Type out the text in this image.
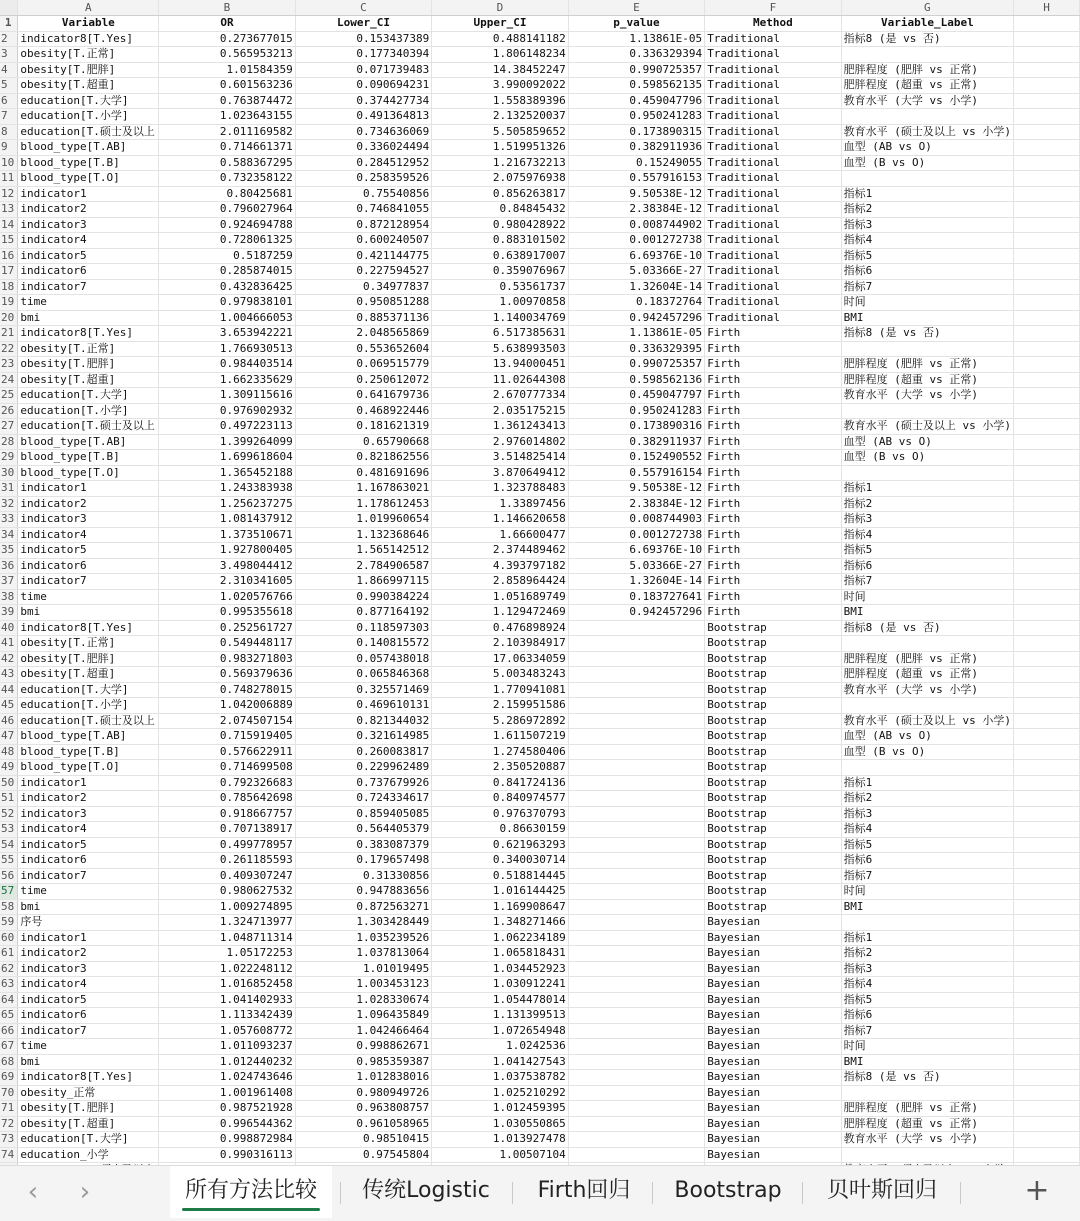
	A	B	C	D	E	F	G	H
1	Variable	OR	Lower_CI	Upper_CI	p_value	Method	Variable_Label	
2	indicator8[T.Yes]	0.273677015	0.153437389	0.488141182	1.13861E-05	Traditional	指标8 (是 vs 否)	
3	obesity[T.正常]	0.565953213	0.177340394	1.806148234	0.336329394	Traditional		
4	obesity[T.肥胖]	1.01584359	0.071739483	14.38452247	0.990725357	Traditional	肥胖程度 (肥胖 vs 正常)	
5	obesity[T.超重]	0.601563236	0.090694231	3.990092022	0.598562135	Traditional	肥胖程度 (超重 vs 正常)	
6	education[T.大学]	0.763874472	0.374427734	1.558389396	0.459047796	Traditional	教育水平 (大学 vs 小学)	
7	education[T.小学]	1.023643155	0.491364813	2.132520037	0.950241283	Traditional		
8	education[T.硕士及以上	2.011169582	0.734636069	5.505859652	0.173890315	Traditional	教育水平 (硕士及以上 vs 小学)	
9	blood_type[T.AB]	0.714661371	0.336024494	1.519951326	0.382911936	Traditional	血型 (AB vs O)	
10	blood_type[T.B]	0.588367295	0.284512952	1.216732213	0.15249055	Traditional	血型 (B vs O)	
11	blood_type[T.O]	0.732358122	0.258359526	2.075976938	0.557916153	Traditional		
12	indicator1	0.80425681	0.75540856	0.856263817	9.50538E-12	Traditional	指标1	
13	indicator2	0.796027964	0.746841055	0.84845432	2.38384E-12	Traditional	指标2	
14	indicator3	0.924694788	0.872128954	0.980428922	0.008744902	Traditional	指标3	
15	indicator4	0.728061325	0.600240507	0.883101502	0.001272738	Traditional	指标4	
16	indicator5	0.5187259	0.421144775	0.638917007	6.69376E-10	Traditional	指标5	
17	indicator6	0.285874015	0.227594527	0.359076967	5.03366E-27	Traditional	指标6	
18	indicator7	0.432836425	0.34977837	0.53561737	1.32604E-14	Traditional	指标7	
19	time	0.979838101	0.950851288	1.00970858	0.18372764	Traditional	时间	
20	bmi	1.004666053	0.885371136	1.140034769	0.942457296	Traditional	BMI	
21	indicator8[T.Yes]	3.653942221	2.048565869	6.517385631	1.13861E-05	Firth	指标8 (是 vs 否)	
22	obesity[T.正常]	1.766930513	0.553652604	5.638993503	0.336329395	Firth		
23	obesity[T.肥胖]	0.984403514	0.069515779	13.94000451	0.990725357	Firth	肥胖程度 (肥胖 vs 正常)	
24	obesity[T.超重]	1.662335629	0.250612072	11.02644308	0.598562136	Firth	肥胖程度 (超重 vs 正常)	
25	education[T.大学]	1.309115616	0.641679736	2.670777334	0.459047797	Firth	教育水平 (大学 vs 小学)	
26	education[T.小学]	0.976902932	0.468922446	2.035175215	0.950241283	Firth		
27	education[T.硕士及以上	0.497223113	0.181621319	1.361243413	0.173890316	Firth	教育水平 (硕士及以上 vs 小学)	
28	blood_type[T.AB]	1.399264099	0.65790668	2.976014802	0.382911937	Firth	血型 (AB vs O)	
29	blood_type[T.B]	1.699618604	0.821862556	3.514825414	0.152490552	Firth	血型 (B vs O)	
30	blood_type[T.O]	1.365452188	0.481691696	3.870649412	0.557916154	Firth		
31	indicator1	1.243383938	1.167863021	1.323788483	9.50538E-12	Firth	指标1	
32	indicator2	1.256237275	1.178612453	1.33897456	2.38384E-12	Firth	指标2	
33	indicator3	1.081437912	1.019960654	1.146620658	0.008744903	Firth	指标3	
34	indicator4	1.373510671	1.132368646	1.66600477	0.001272738	Firth	指标4	
35	indicator5	1.927800405	1.565142512	2.374489462	6.69376E-10	Firth	指标5	
36	indicator6	3.498044412	2.784906587	4.393797182	5.03366E-27	Firth	指标6	
37	indicator7	2.310341605	1.866997115	2.858964424	1.32604E-14	Firth	指标7	
38	time	1.020576766	0.990384224	1.051689749	0.183727641	Firth	时间	
39	bmi	0.995355618	0.877164192	1.129472469	0.942457296	Firth	BMI	
40	indicator8[T.Yes]	0.252561727	0.118597303	0.476898924		Bootstrap	指标8 (是 vs 否)	
41	obesity[T.正常]	0.549448117	0.140815572	2.103984917		Bootstrap		
42	obesity[T.肥胖]	0.983271803	0.057438018	17.06334059		Bootstrap	肥胖程度 (肥胖 vs 正常)	
43	obesity[T.超重]	0.569379636	0.065846368	5.003483243		Bootstrap	肥胖程度 (超重 vs 正常)	
44	education[T.大学]	0.748278015	0.325571469	1.770941081		Bootstrap	教育水平 (大学 vs 小学)	
45	education[T.小学]	1.042006889	0.469610131	2.159951586		Bootstrap		
46	education[T.硕士及以上	2.074507154	0.821344032	5.286972892		Bootstrap	教育水平 (硕士及以上 vs 小学)	
47	blood_type[T.AB]	0.715919405	0.321614985	1.611507219		Bootstrap	血型 (AB vs O)	
48	blood_type[T.B]	0.576622911	0.260083817	1.274580406		Bootstrap	血型 (B vs O)	
49	blood_type[T.O]	0.714699508	0.229962489	2.350520887		Bootstrap		
50	indicator1	0.792326683	0.737679926	0.841724136		Bootstrap	指标1	
51	indicator2	0.785642698	0.724334617	0.840974577		Bootstrap	指标2	
52	indicator3	0.918667757	0.859405085	0.976370793		Bootstrap	指标3	
53	indicator4	0.707138917	0.564405379	0.86630159		Bootstrap	指标4	
54	indicator5	0.499778957	0.383087379	0.621963293		Bootstrap	指标5	
55	indicator6	0.261185593	0.179657498	0.340030714		Bootstrap	指标6	
56	indicator7	0.409307247	0.31330856	0.518814445		Bootstrap	指标7	
57	time	0.980627532	0.947883656	1.016144425		Bootstrap	时间	
58	bmi	1.009274895	0.872563271	1.169908647		Bootstrap	BMI	
59	序号	1.324713977	1.303428449	1.348271466		Bayesian		
60	indicator1	1.048711314	1.035239526	1.062234189		Bayesian	指标1	
61	indicator2	1.05172253	1.037813064	1.065818431		Bayesian	指标2	
62	indicator3	1.022248112	1.01019495	1.034452923		Bayesian	指标3	
63	indicator4	1.016852458	1.003453123	1.030912241		Bayesian	指标4	
64	indicator5	1.041402933	1.028330674	1.054478014		Bayesian	指标5	
65	indicator6	1.113342439	1.096435849	1.131399513		Bayesian	指标6	
66	indicator7	1.057608772	1.042466464	1.072654948		Bayesian	指标7	
67	time	1.011093237	0.998862671	1.0242536		Bayesian	时间	
68	bmi	1.012440232	0.985359387	1.041427543		Bayesian	BMI	
69	indicator8[T.Yes]	1.024743646	1.012838016	1.037538782		Bayesian	指标8 (是 vs 否)	
70	obesity_正常	1.001961408	0.980949726	1.025210292		Bayesian		
71	obesity[T.肥胖]	0.987521928	0.963808757	1.012459395		Bayesian	肥胖程度 (肥胖 vs 正常)	
72	obesity[T.超重]	0.996544362	0.961058965	1.030550865		Bayesian	肥胖程度 (超重 vs 正常)	
73	education[T.大学]	0.998872984	0.98510415	1.013927478		Bayesian	教育水平 (大学 vs 小学)	
74	education_小学	0.990316113	0.97545804	1.00507104		Bayesian		

‹	›	所有方法比较	传统Logistic	Firth回归	Bootstrap	贝叶斯回归	+
